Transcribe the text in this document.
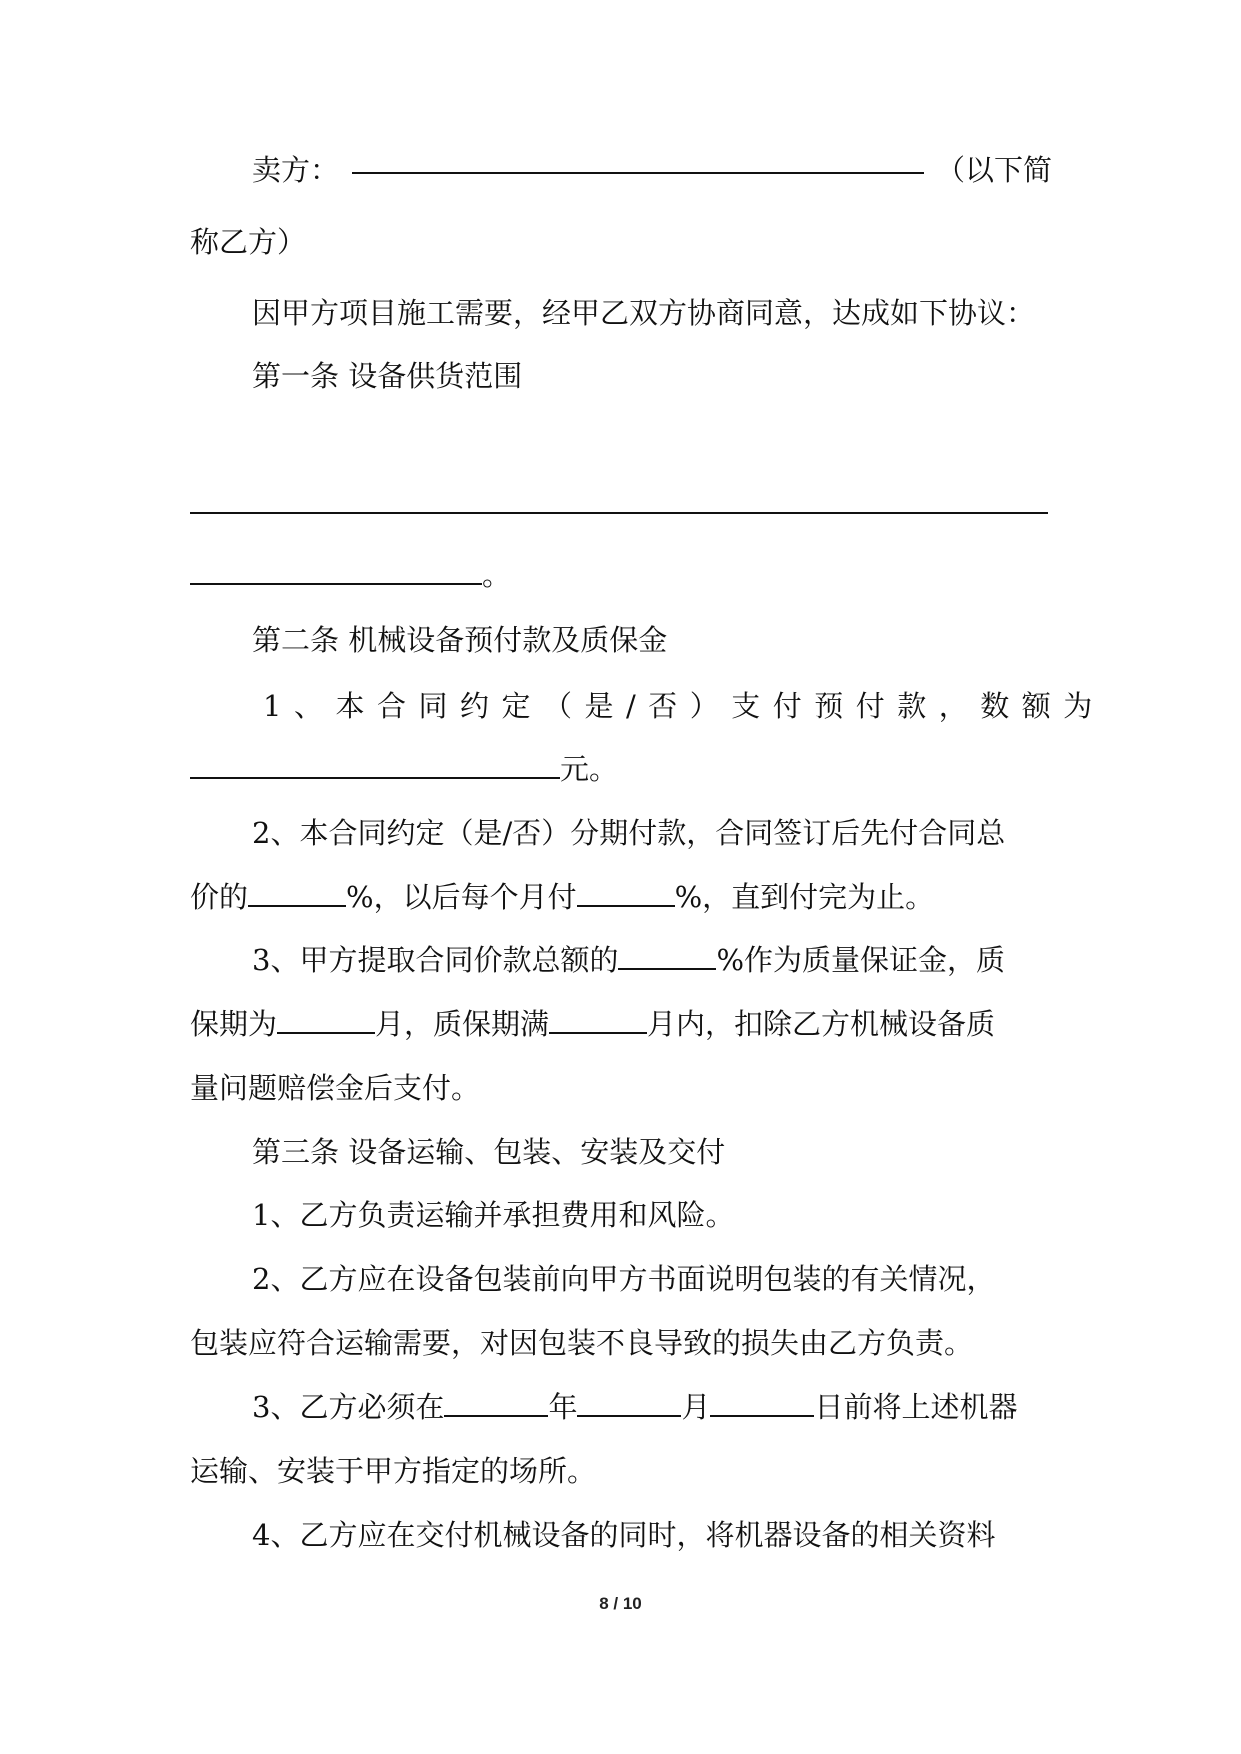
卖方：	（以下简
称乙方）
因甲方项目施工需要，经甲乙双方协商同意，达成如下协议：
第一条 设备供货范围
。
第二条 机械设备预付款及质保金
1、本合同约定（是/否）支付预付款，数额为
元。
2、本合同约定（是/否）分期付款，合同签订后先付合同总
价的	%，以后每个月付	%，直到付完为止。
3、甲方提取合同价款总额的	%作为质量保证金，质
保期为	月，质保期满	月内，扣除乙方机械设备质
量问题赔偿金后支付。
第三条 设备运输、包装、安装及交付
1、乙方负责运输并承担费用和风险。
2、乙方应在设备包装前向甲方书面说明包装的有关情况，
包装应符合运输需要，对因包装不良导致的损失由乙方负责。
3、乙方必须在	年	月	日前将上述机器
运输、安装于甲方指定的场所。
4、乙方应在交付机械设备的同时，将机器设备的相关资料
8 / 10
